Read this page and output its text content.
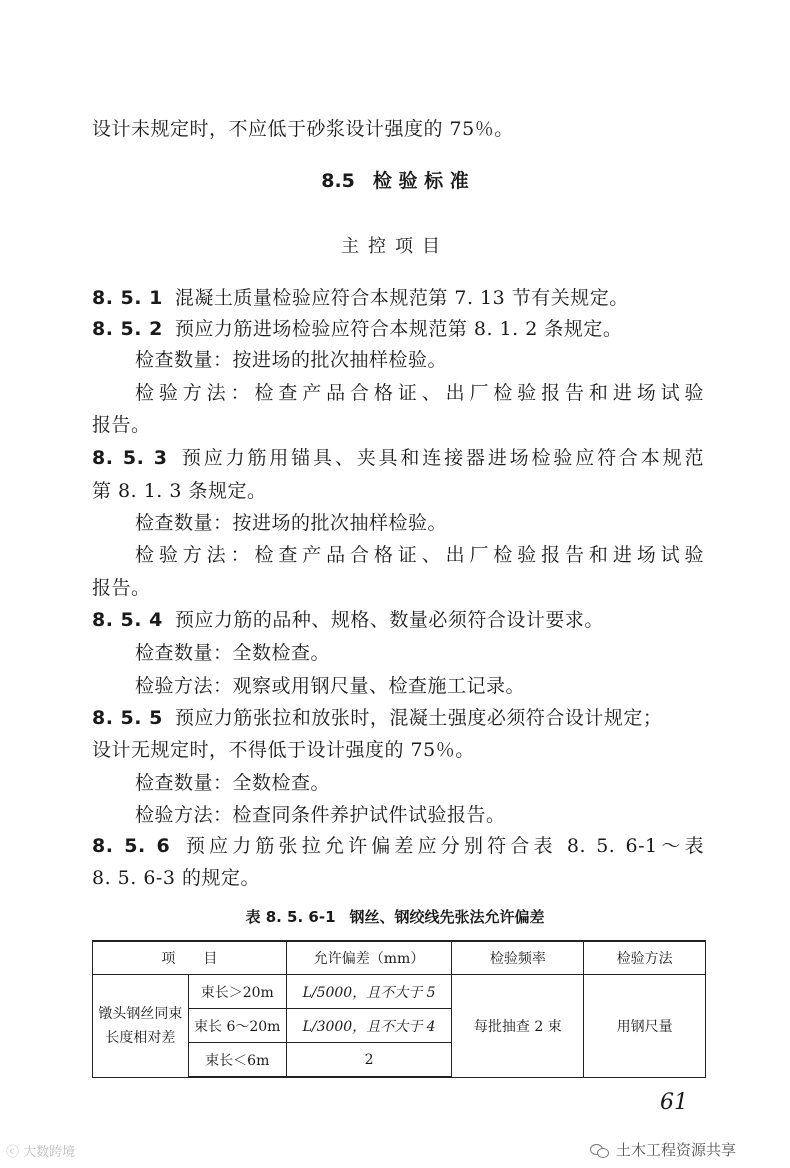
设计未规定时，不应低于砂浆设计强度的 75％。
8.5 检 验 标 准
主控项目
8. 5. 1 混凝土质量检验应符合本规范第 7. 13 节有关规定。
8. 5. 2 预应力筋进场检验应符合本规范第 8. 1. 2 条规定。
检查数量：按进场的批次抽样检验。
检验方法：检查产品合格证、出厂检验报告和进场试验
报告。
8. 5. 3 预应力筋用锚具、夹具和连接器进场检验应符合本规范
第 8. 1. 3 条规定。
检查数量：按进场的批次抽样检验。
检验方法：检查产品合格证、出厂检验报告和进场试验
报告。
8. 5. 4 预应力筋的品种、规格、数量必须符合设计要求。
检查数量：全数检查。
检验方法：观察或用钢尺量、检查施工记录。
8. 5. 5 预应力筋张拉和放张时，混凝土强度必须符合设计规定；
设计无规定时，不得低于设计强度的 75％。
检查数量：全数检查。
检验方法：检查同条件养护试件试验报告。
8. 5. 6 预应力筋张拉允许偏差应分别符合表 8. 5. 6-1～表
8. 5. 6-3 的规定。
表 8. 5. 6-1 钢丝、钢绞线先张法允许偏差
项　　目		允许偏差（mm）	检验频率	检验方法
镦头钢丝同束长度相对差	束长＞20m	L/5000，且不大于 5	每批抽查 2 束	用钢尺量
	束长 6～20m	L/3000，且不大于 4		
	束长＜6m	2		
61
ⓒ 大数跨境	土木工程资源共享
